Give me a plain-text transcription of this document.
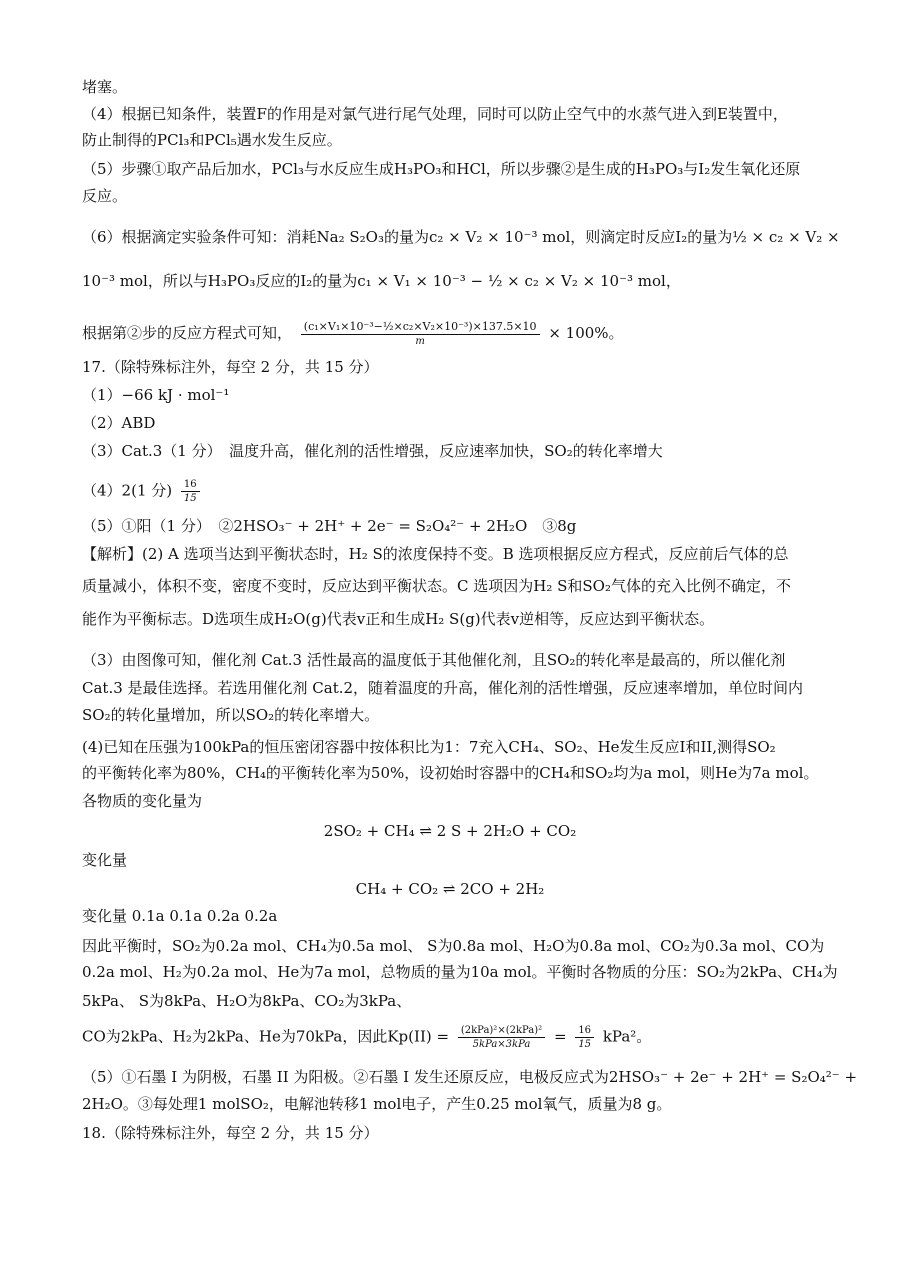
堵塞。
（4）根据已知条件，装置F的作用是对氯气进行尾气处理，同时可以防止空气中的水蒸气进入到E装置中，
防止制得的PCl₃和PCl₅遇水发生反应。
（5）步骤①取产品后加水，PCl₃与水反应生成H₃PO₃和HCl，所以步骤②是生成的H₃PO₃与I₂发生氧化还原
反应。
（6）根据滴定实验条件可知：消耗Na₂ S₂O₃的量为c₂ × V₂ × 10⁻³ mol，则滴定时反应I₂的量为½ × c₂ × V₂ ×
10⁻³ mol，所以与H₃PO₃反应的I₂的量为c₁ × V₁ × 10⁻³ − ½ × c₂ × V₂ × 10⁻³ mol，
根据第②步的反应方程式可知， $\frac{\text{(c₁×V₁×10⁻³−½×c₂×V₂×10⁻³)×137.5×10}}{m} \times 100\%$。
17.（除特殊标注外，每空 2 分，共 15 分）
（1）−66 kJ · mol⁻¹
（2）ABD
（3）Cat.3（1 分）　温度升高，催化剂的活性增强，反应速率加快，SO₂的转化率增大
（4）2(1 分) $\frac{16}{15}$
（5）①阳（1 分）　②2HSO₃⁻ + 2H⁺ + 2e⁻ = S₂O₄²⁻ + 2H₂O　③8g
【解析】(2) A 选项当达到平衡状态时，H₂ S的浓度保持不变。B 选项根据反应方程式，反应前后气体的总
质量减小，体积不变，密度不变时，反应达到平衡状态。C 选项因为H₂ S和SO₂气体的充入比例不确定，不
能作为平衡标志。D选项生成H₂O(g)代表v正和生成H₂ S(g)代表v逆相等，反应达到平衡状态。
（3）由图像可知，催化剂 Cat.3 活性最高的温度低于其他催化剂，且SO₂的转化率是最高的，所以催化剂
Cat.3 是最佳选择。若选用催化剂 Cat.2，随着温度的升高，催化剂的活性增强，反应速率增加，单位时间内
SO₂的转化量增加，所以SO₂的转化率增大。
(4)已知在压强为100kPa的恒压密闭容器中按体积比为1：7充入CH₄、SO₂、He发生反应I和II,测得SO₂
的平衡转化率为80%，CH₄的平衡转化率为50%，设初始时容器中的CH₄和SO₂均为a mol，则He为7a mol。
各物质的变化量为
2SO₂ + CH₄ ⇌ 2 S + 2H₂O + CO₂
变化量
CH₄ + CO₂ ⇌ 2CO + 2H₂
变化量 0.1a 0.1a 0.2a 0.2a
因此平衡时，SO₂为0.2a mol、CH₄为0.5a mol、 S为0.8a mol、H₂O为0.8a mol、CO₂为0.3a mol、CO为
0.2a mol、H₂为0.2a mol、He为7a mol，总物质的量为10a mol。平衡时各物质的分压：SO₂为2kPa、CH₄为
5kPa、 S为8kPa、H₂O为8kPa、CO₂为3kPa、
CO为2kPa、H₂为2kPa、He为70kPa，因此$Kp(II) = \frac{\text{(2kPa)²×(2kPa)²}}{\text{5kPa×3kPa}} = \frac{16}{15} kPa^2$。
（5）①石墨 I 为阴极，石墨 II 为阳极。②石墨 I 发生还原反应，电极反应式为2HSO₃⁻ + 2e⁻ + 2H⁺ = S₂O₄²⁻ +
2H₂O。③每处理1 molSO₂，电解池转移1 mol电子，产生0.25 mol氧气，质量为8 g。
18.（除特殊标注外，每空 2 分，共 15 分）
